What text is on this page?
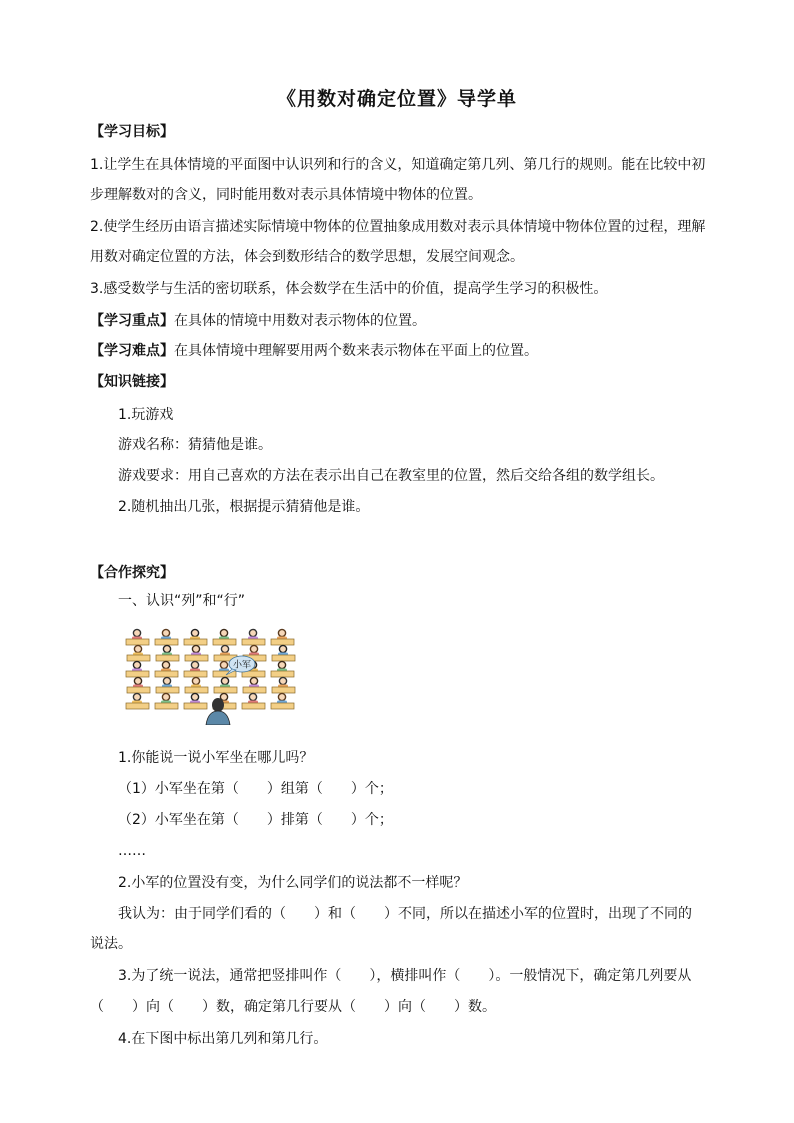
《用数对确定位置》导学单
【学习目标】
1.让学生在具体情境的平面图中认识列和行的含义，知道确定第几列、第几行的规则。能在比较中初
步理解数对的含义，同时能用数对表示具体情境中物体的位置。
2.使学生经历由语言描述实际情境中物体的位置抽象成用数对表示具体情境中物体位置的过程，理解
用数对确定位置的方法，体会到数形结合的数学思想，发展空间观念。
3.感受数学与生活的密切联系，体会数学在生活中的价值，提高学生学习的积极性。
【学习重点】在具体的情境中用数对表示物体的位置。
【学习难点】在具体情境中理解要用两个数来表示物体在平面上的位置。
【知识链接】
1.玩游戏
游戏名称：猜猜他是谁。
游戏要求：用自己喜欢的方法在表示出自己在教室里的位置，然后交给各组的数学组长。
2.随机抽出几张，根据提示猜猜他是谁。
【合作探究】
一、认识“列”和“行”
小军
1.你能说一说小军坐在哪儿吗？
（1）小军坐在第（　　）组第（　　）个；
（2）小军坐在第（　　）排第（　　）个；
……
2.小军的位置没有变，为什么同学们的说法都不一样呢？
我认为：由于同学们看的（　　）和（　　）不同，所以在描述小军的位置时，出现了不同的
说法。
3.为了统一说法，通常把竖排叫作（　　），横排叫作（　　）。一般情况下，确定第几列要从
（　　）向（　　）数，确定第几行要从（　　）向（　　）数。
4.在下图中标出第几列和第几行。
